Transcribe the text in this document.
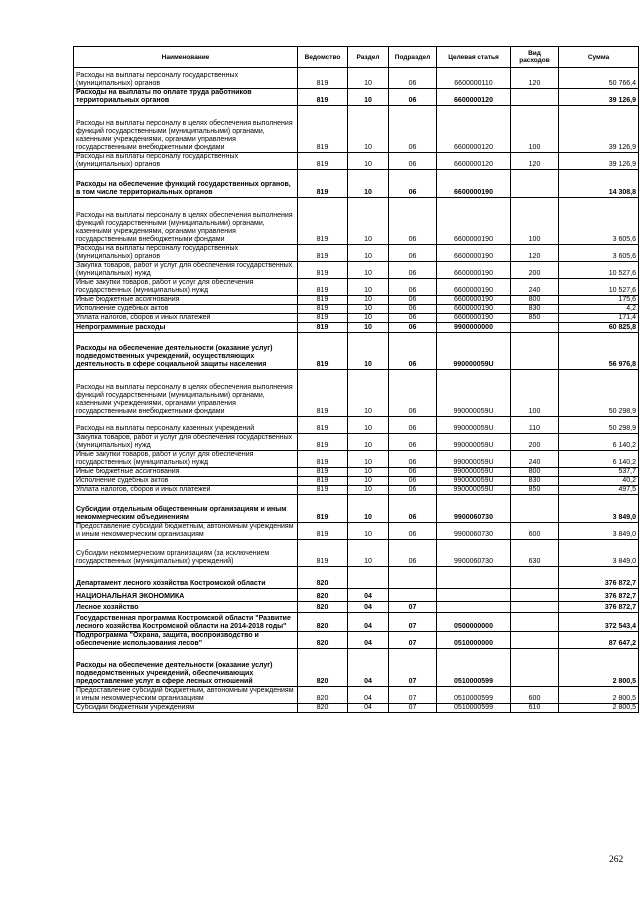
Наименование	Ведомство	Раздел	Подраздел	Целевая статья	Вид расходов	Сумма
Расходы на выплаты персоналу государственных (муниципальных) органов	819	10	06	6600000110	120	50 766,4
Расходы на выплаты по оплате труда работников территориальных органов	819	10	06	6600000120		39 126,9
Расходы на выплаты персоналу в целях обеспечения выполнения функций государственными (муниципальными) органами, казенными учреждениями, органами управления государственными внебюджетными фондами	819	10	06	6600000120	100	39 126,9
Расходы на выплаты персоналу государственных (муниципальных) органов	819	10	06	6600000120	120	39 126,9
Расходы на обеспечение функций государственных органов, в том числе территориальных органов	819	10	06	6600000190		14 308,8
Расходы на выплаты персоналу в целях обеспечения выполнения функций государственными (муниципальными) органами, казенными учреждениями, органами управления государственными внебюджетными фондами	819	10	06	6600000190	100	3 605,6
Расходы на выплаты персоналу государственных (муниципальных) органов	819	10	06	6600000190	120	3 605,6
Закупка товаров, работ и услуг для обеспечения государственных (муниципальных) нужд	819	10	06	6600000190	200	10 527,6
Иные закупки товаров, работ и услуг для обеспечения государственных (муниципальных) нужд	819	10	06	6600000190	240	10 527,6
Иные бюджетные ассигнования	819	10	06	6600000190	800	175,6
Исполнение судебных актов	819	10	06	6600000190	830	4,2
Уплата налогов, сборов и иных платежей	819	10	06	6600000190	850	171,4
Непрограммные расходы	819	10	06	9900000000		60 825,8
Расходы на обеспечение деятельности (оказание услуг) подведомственных учреждений, осуществляющих деятельность в сфере социальной защиты населения	819	10	06	990000059U		56 976,8
Расходы на выплаты персоналу в целях обеспечения выполнения функций государственными (муниципальными) органами, казенными учреждениями, органами управления государственными внебюджетными фондами	819	10	06	990000059U	100	50 298,9
Расходы на выплаты персоналу казенных учреждений	819	10	06	990000059U	110	50 298,9
Закупка товаров, работ и услуг для обеспечения государственных (муниципальных) нужд	819	10	06	990000059U	200	6 140,2
Иные закупки товаров, работ и услуг для обеспечения государственных (муниципальных) нужд	819	10	06	990000059U	240	6 140,2
Иные бюджетные ассигнования	819	10	06	990000059U	800	537,7
Исполнение судебных актов	819	10	06	990000059U	830	40,2
Уплата налогов, сборов и иных платежей	819	10	06	990000059U	850	497,5
Субсидии отдельным общественным организациям и иным некоммерческим объединениям	819	10	06	9900060730		3 849,0
Предоставление субсидий бюджетным, автономным учреждениям и иным некоммерческим организациям	819	10	06	9900060730	600	3 849,0
Субсидии некоммерческим организациям (за исключением государственных (муниципальных) учреждений)	819	10	06	9900060730	630	3 849,0
Департамент лесного хозяйства Костромской области	820					376 872,7
НАЦИОНАЛЬНАЯ ЭКОНОМИКА	820	04				376 872,7
Лесное хозяйство	820	04	07			376 872,7
Государственная программа Костромской области "Развитие лесного хозяйства Костромской области на 2014-2018 годы"	820	04	07	0500000000		372 543,4
Подпрограмма "Охрана, защита, воспроизводство и обеспечение использования лесов"	820	04	07	0510000000		87 647,2
Расходы на обеспечение деятельности (оказание услуг) подведомственных учреждений, обеспечивающих предоставление услуг в сфере лесных отношений	820	04	07	0510000599		2 800,5
Предоставление субсидий бюджетным, автономным учреждениям и иным некоммерческим организациям	820	04	07	0510000599	600	2 800,5
Субсидии бюджетным учреждениям	820	04	07	0510000599	610	2 800,5
262
